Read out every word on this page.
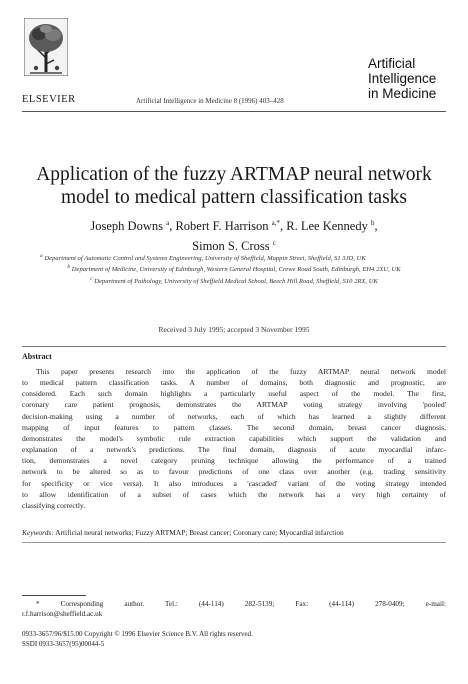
ELSEVIER	Artificial Intelligence in Medicine 8 (1996) 403–428
Artificial
Intelligence
in Medicine
Application of the fuzzy ARTMAP neural network
model to medical pattern classification tasks
Joseph Downs $^a$, Robert F. Harrison $^{a,*}$, R. Lee Kennedy $^b$,
Simon S. Cross $^c$
$^a$ Department of Automatic Control and Systems Engineering, University of Sheffield, Mappin Street, Sheffield, S1 3JD, UK
$^b$ Department of Medicine, University of Edinburgh, Western General Hospital, Crewe Road South, Edinburgh, EH4 2XU, UK
$^c$ Department of Pathology, University of Sheffield Medical School, Beech Hill Road, Sheffield, S10 2RX, UK
Received 3 July 1995; accepted 3 November 1995
Abstract
This paper presents research into the application of the fuzzy ARTMAP neural network model
to medical pattern classification tasks. A number of domains, both diagnostic and prognostic, are
considered. Each such domain highlights a particularly useful aspect of the model. The first,
coronary care patient prognosis, demonstrates the ARTMAP voting strategy involving 'pooled'
decision-making using a number of networks, each of which has learned a slightly different
mapping of input features to pattern classes. The second domain, breast cancer diagnosis,
demonstrates the model's symbolic rule extraction capabilities which support the validation and
explanation of a network's predictions. The final domain, diagnosis of acute myocardial infarc-
tion, demonstrates a novel category pruning technique allowing the performance of a trained
network to be altered so as to favour predictions of one class over another (e.g. trading sensitivity
for specificity or vice versa). It also introduces a 'cascaded' variant of the voting strategy intended
to allow identification of a subset of cases which the network has a very high certainty of
classifying correctly.
Keywords: Artificial neural networks; Fuzzy ARTMAP; Breast cancer; Coronary care; Myocardial infarction
* Corresponding author. Tel.: (44-114) 282-5139; Fax: (44-114) 278-0409; e-mail:
r.f.harrison@sheffield.ac.uk
0933-3657/96/$15.00 Copyright © 1996 Elsevier Science B.V. All rights reserved.
SSDI 0933-3657(95)00044-5
